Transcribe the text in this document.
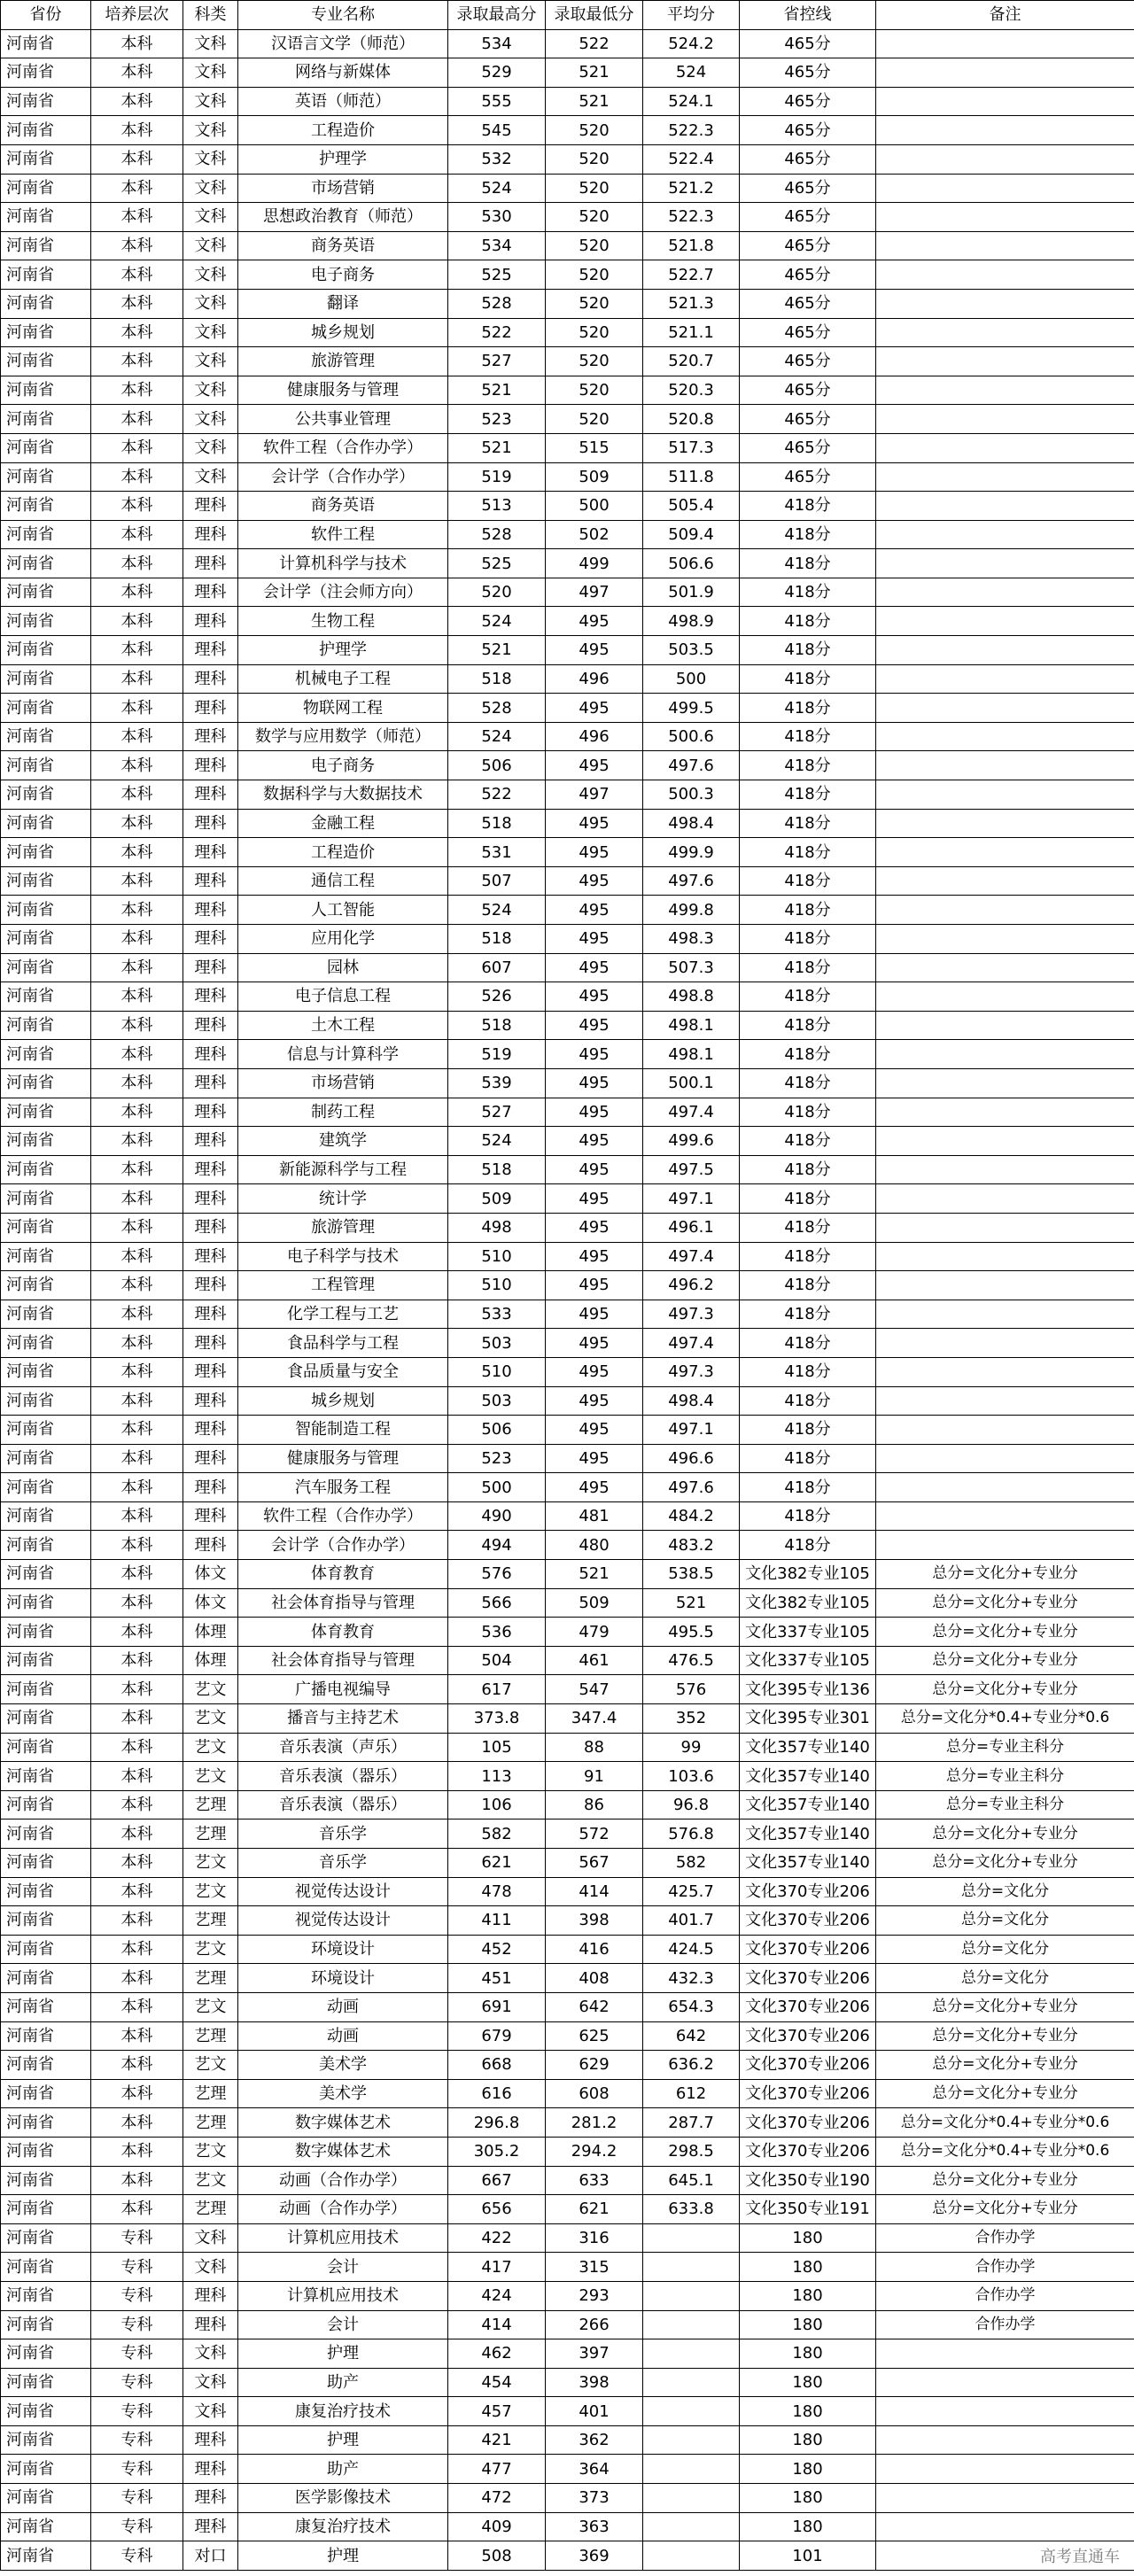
省份	培养层次	科类	专业名称	录取最高分	录取最低分	平均分	省控线	备注
河南省	本科	文科	汉语言文学（师范）	534	522	524.2	465分	
河南省	本科	文科	网络与新媒体	529	521	524	465分	
河南省	本科	文科	英语（师范）	555	521	524.1	465分	
河南省	本科	文科	工程造价	545	520	522.3	465分	
河南省	本科	文科	护理学	532	520	522.4	465分	
河南省	本科	文科	市场营销	524	520	521.2	465分	
河南省	本科	文科	思想政治教育（师范）	530	520	522.3	465分	
河南省	本科	文科	商务英语	534	520	521.8	465分	
河南省	本科	文科	电子商务	525	520	522.7	465分	
河南省	本科	文科	翻译	528	520	521.3	465分	
河南省	本科	文科	城乡规划	522	520	521.1	465分	
河南省	本科	文科	旅游管理	527	520	520.7	465分	
河南省	本科	文科	健康服务与管理	521	520	520.3	465分	
河南省	本科	文科	公共事业管理	523	520	520.8	465分	
河南省	本科	文科	软件工程（合作办学）	521	515	517.3	465分	
河南省	本科	文科	会计学（合作办学）	519	509	511.8	465分	
河南省	本科	理科	商务英语	513	500	505.4	418分	
河南省	本科	理科	软件工程	528	502	509.4	418分	
河南省	本科	理科	计算机科学与技术	525	499	506.6	418分	
河南省	本科	理科	会计学（注会师方向）	520	497	501.9	418分	
河南省	本科	理科	生物工程	524	495	498.9	418分	
河南省	本科	理科	护理学	521	495	503.5	418分	
河南省	本科	理科	机械电子工程	518	496	500	418分	
河南省	本科	理科	物联网工程	528	495	499.5	418分	
河南省	本科	理科	数学与应用数学（师范）	524	496	500.6	418分	
河南省	本科	理科	电子商务	506	495	497.6	418分	
河南省	本科	理科	数据科学与大数据技术	522	497	500.3	418分	
河南省	本科	理科	金融工程	518	495	498.4	418分	
河南省	本科	理科	工程造价	531	495	499.9	418分	
河南省	本科	理科	通信工程	507	495	497.6	418分	
河南省	本科	理科	人工智能	524	495	499.8	418分	
河南省	本科	理科	应用化学	518	495	498.3	418分	
河南省	本科	理科	园林	607	495	507.3	418分	
河南省	本科	理科	电子信息工程	526	495	498.8	418分	
河南省	本科	理科	土木工程	518	495	498.1	418分	
河南省	本科	理科	信息与计算科学	519	495	498.1	418分	
河南省	本科	理科	市场营销	539	495	500.1	418分	
河南省	本科	理科	制药工程	527	495	497.4	418分	
河南省	本科	理科	建筑学	524	495	499.6	418分	
河南省	本科	理科	新能源科学与工程	518	495	497.5	418分	
河南省	本科	理科	统计学	509	495	497.1	418分	
河南省	本科	理科	旅游管理	498	495	496.1	418分	
河南省	本科	理科	电子科学与技术	510	495	497.4	418分	
河南省	本科	理科	工程管理	510	495	496.2	418分	
河南省	本科	理科	化学工程与工艺	533	495	497.3	418分	
河南省	本科	理科	食品科学与工程	503	495	497.4	418分	
河南省	本科	理科	食品质量与安全	510	495	497.3	418分	
河南省	本科	理科	城乡规划	503	495	498.4	418分	
河南省	本科	理科	智能制造工程	506	495	497.1	418分	
河南省	本科	理科	健康服务与管理	523	495	496.6	418分	
河南省	本科	理科	汽车服务工程	500	495	497.6	418分	
河南省	本科	理科	软件工程（合作办学）	490	481	484.2	418分	
河南省	本科	理科	会计学（合作办学）	494	480	483.2	418分	
河南省	本科	体文	体育教育	576	521	538.5	文化382专业105	总分=文化分+专业分
河南省	本科	体文	社会体育指导与管理	566	509	521	文化382专业105	总分=文化分+专业分
河南省	本科	体理	体育教育	536	479	495.5	文化337专业105	总分=文化分+专业分
河南省	本科	体理	社会体育指导与管理	504	461	476.5	文化337专业105	总分=文化分+专业分
河南省	本科	艺文	广播电视编导	617	547	576	文化395专业136	总分=文化分+专业分
河南省	本科	艺文	播音与主持艺术	373.8	347.4	352	文化395专业301	总分=文化分*0.4+专业分*0.6
河南省	本科	艺文	音乐表演（声乐）	105	88	99	文化357专业140	总分=专业主科分
河南省	本科	艺文	音乐表演（器乐）	113	91	103.6	文化357专业140	总分=专业主科分
河南省	本科	艺理	音乐表演（器乐）	106	86	96.8	文化357专业140	总分=专业主科分
河南省	本科	艺理	音乐学	582	572	576.8	文化357专业140	总分=文化分+专业分
河南省	本科	艺文	音乐学	621	567	582	文化357专业140	总分=文化分+专业分
河南省	本科	艺文	视觉传达设计	478	414	425.7	文化370专业206	总分=文化分
河南省	本科	艺理	视觉传达设计	411	398	401.7	文化370专业206	总分=文化分
河南省	本科	艺文	环境设计	452	416	424.5	文化370专业206	总分=文化分
河南省	本科	艺理	环境设计	451	408	432.3	文化370专业206	总分=文化分
河南省	本科	艺文	动画	691	642	654.3	文化370专业206	总分=文化分+专业分
河南省	本科	艺理	动画	679	625	642	文化370专业206	总分=文化分+专业分
河南省	本科	艺文	美术学	668	629	636.2	文化370专业206	总分=文化分+专业分
河南省	本科	艺理	美术学	616	608	612	文化370专业206	总分=文化分+专业分
河南省	本科	艺理	数字媒体艺术	296.8	281.2	287.7	文化370专业206	总分=文化分*0.4+专业分*0.6
河南省	本科	艺文	数字媒体艺术	305.2	294.2	298.5	文化370专业206	总分=文化分*0.4+专业分*0.6
河南省	本科	艺文	动画（合作办学）	667	633	645.1	文化350专业190	总分=文化分+专业分
河南省	本科	艺理	动画（合作办学）	656	621	633.8	文化350专业191	总分=文化分+专业分
河南省	专科	文科	计算机应用技术	422	316		180	合作办学
河南省	专科	文科	会计	417	315		180	合作办学
河南省	专科	理科	计算机应用技术	424	293		180	合作办学
河南省	专科	理科	会计	414	266		180	合作办学
河南省	专科	文科	护理	462	397		180	
河南省	专科	文科	助产	454	398		180	
河南省	专科	文科	康复治疗技术	457	401		180	
河南省	专科	理科	护理	421	362		180	
河南省	专科	理科	助产	477	364		180	
河南省	专科	理科	医学影像技术	472	373		180	
河南省	专科	理科	康复治疗技术	409	363		180	
河南省	专科	对口	护理	508	369		101		高考直通车
